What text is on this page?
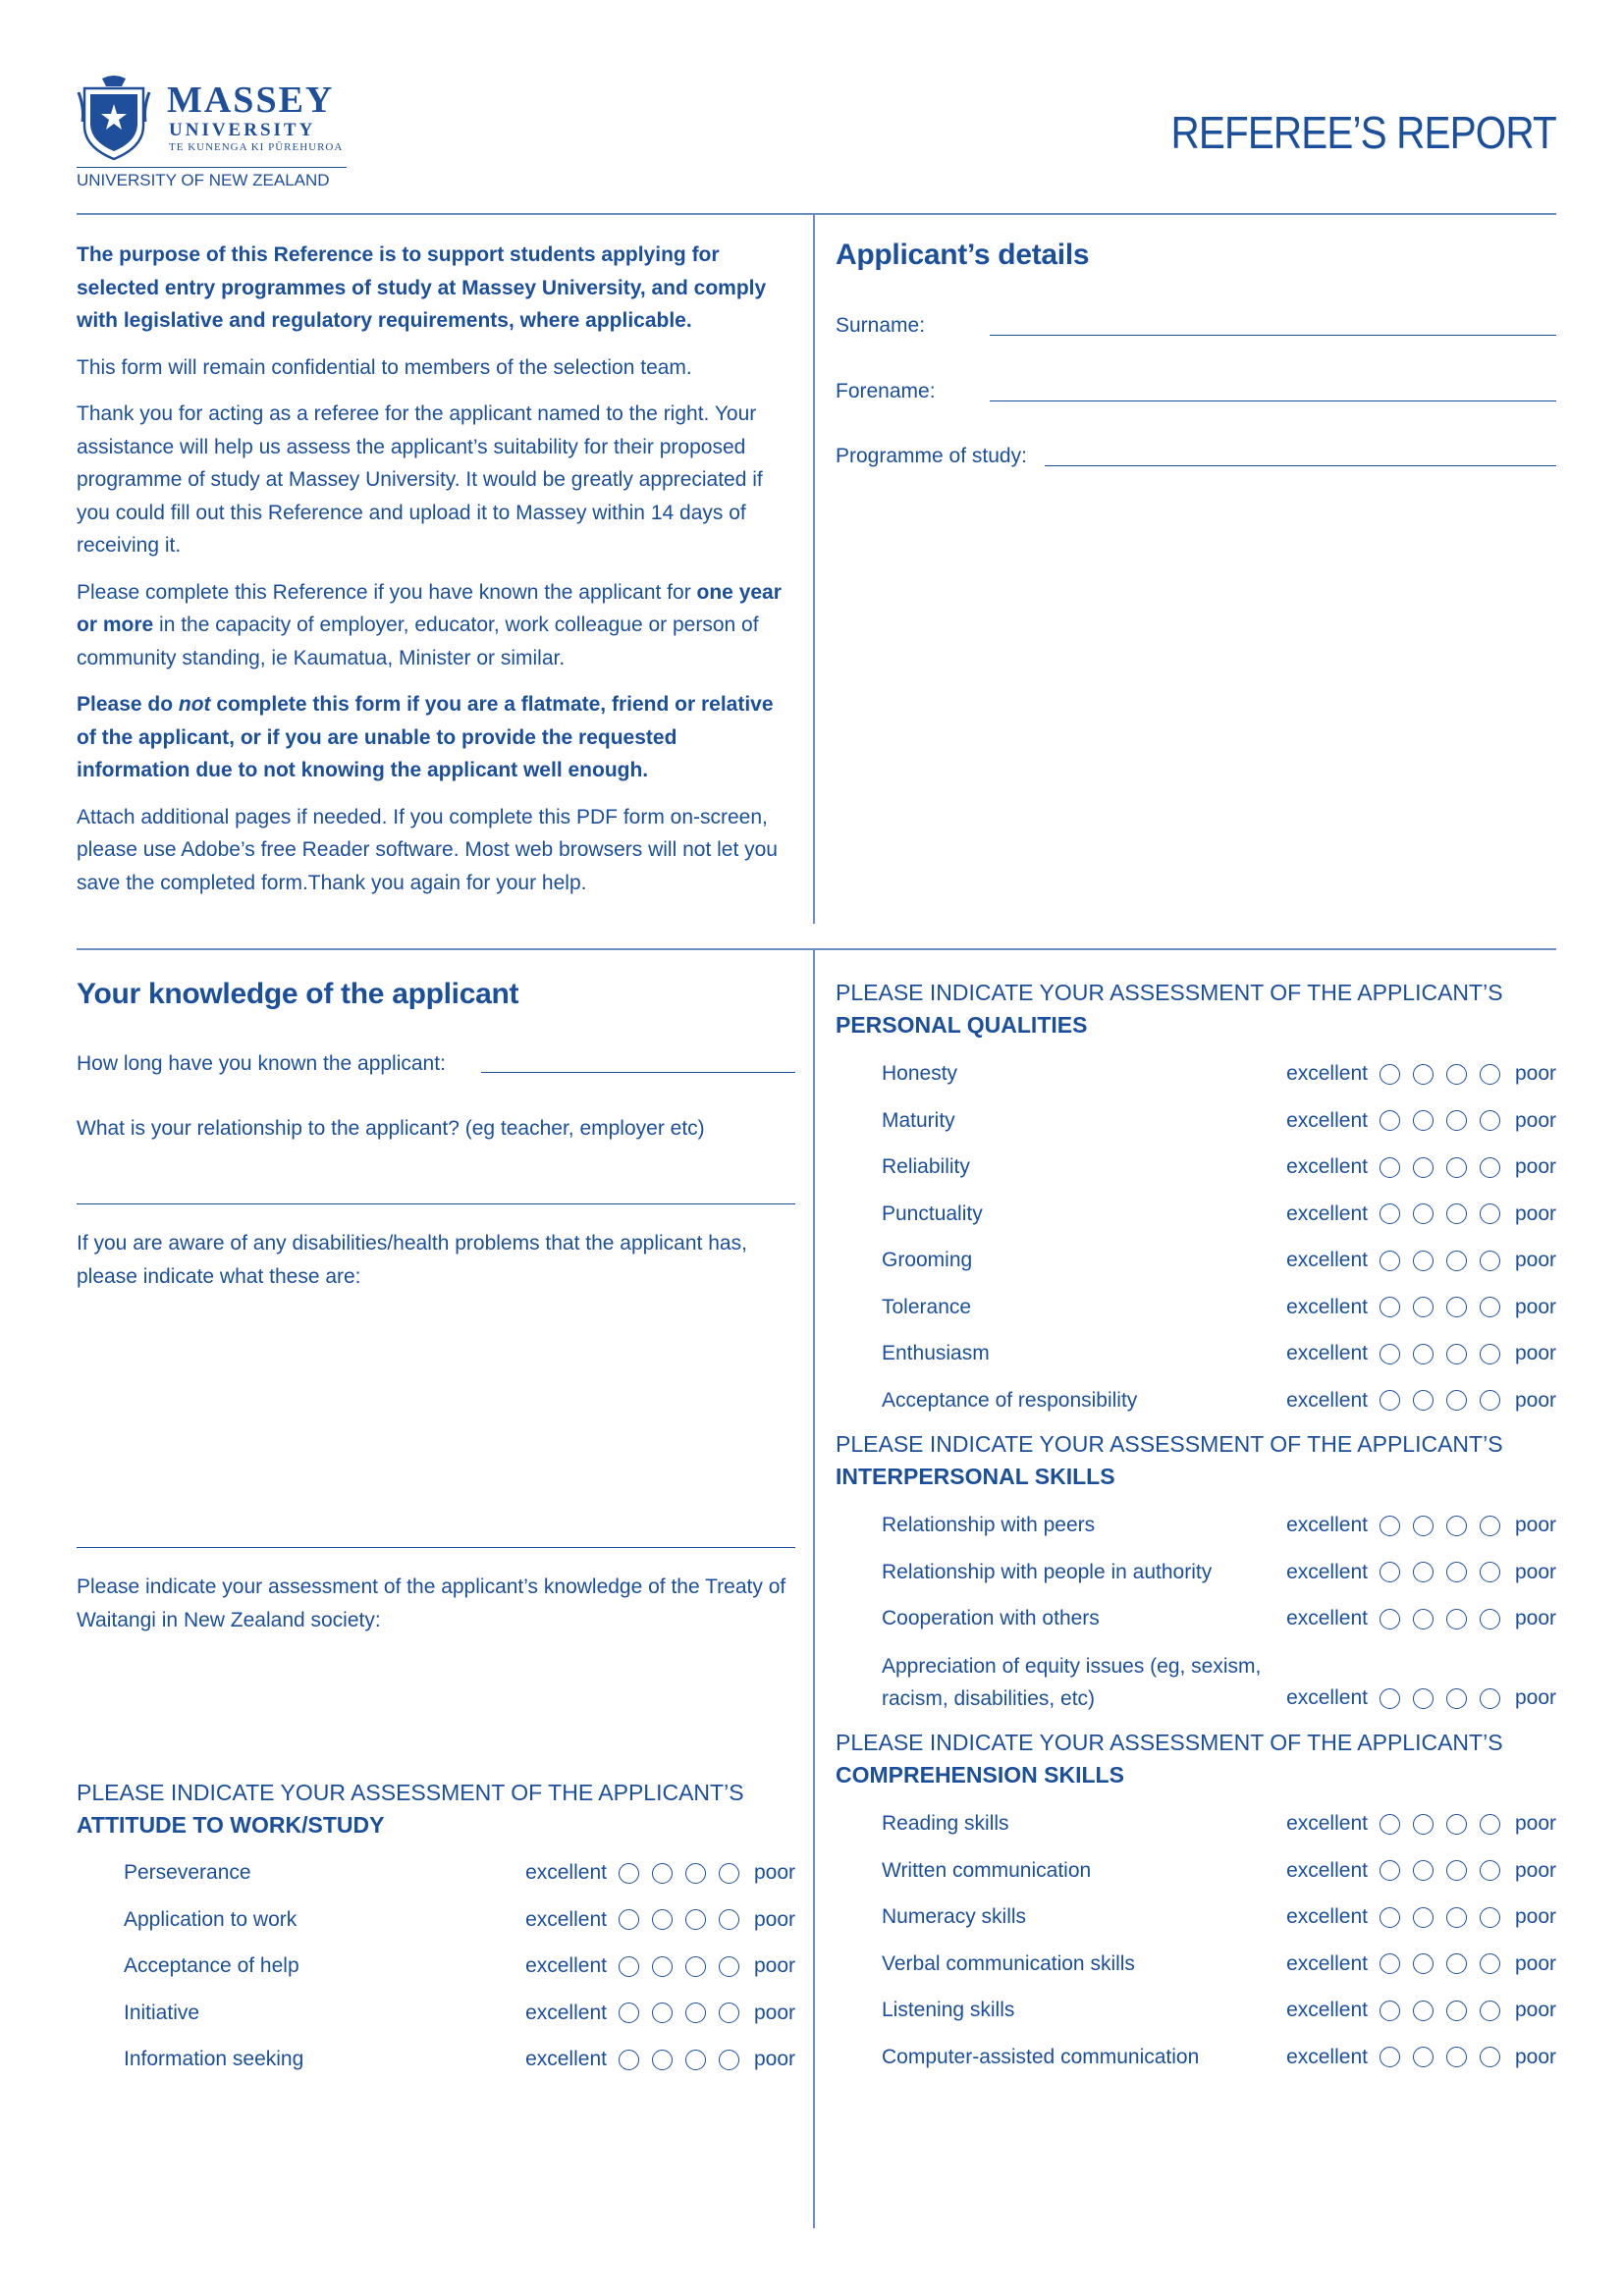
MASSEY
UNIVERSITY
TE KUNENGA KI PŪREHUROA
UNIVERSITY OF NEW ZEALAND
REFEREE’S REPORT

The purpose of this Reference is to support students applying for selected entry programmes of study at Massey University, and comply with legislative and regulatory requirements, where applicable.

This form will remain confidential to members of the selection team.

Thank you for acting as a referee for the applicant named to the right. Your assistance will help us assess the applicant’s suitability for their proposed programme of study at Massey University. It would be greatly appreciated if you could fill out this Reference and upload it to Massey within 14 days of receiving it.

Please complete this Reference if you have known the applicant for one year or more in the capacity of employer, educator, work colleague or person of community standing, ie Kaumatua, Minister or similar.

Please do not complete this form if you are a flatmate, friend or relative of the applicant, or if you are unable to provide the requested information due to not knowing the applicant well enough.

Attach additional pages if needed. If you complete this PDF form on-screen, please use Adobe’s free Reader software. Most web browsers will not let you save the completed form.Thank you again for your help.

Applicant’s details
Surname:
Forename:
Programme of study:
Your knowledge of the applicant
How long have you known the applicant:
What is your relationship to the applicant? (eg teacher, employer etc)
If you are aware of any disabilities/health problems that the applicant has, please indicate what these are:
Please indicate your assessment of the applicant’s knowledge of the Treaty of Waitangi in New Zealand society:
PLEASE INDICATE YOUR ASSESSMENT OF THE APPLICANT’S
ATTITUDE TO WORK/STUDY
Perseverance	excellent	poor
Application to work	excellent	poor
Acceptance of help	excellent	poor
Initiative	excellent	poor
Information seeking	excellent	poor
PLEASE INDICATE YOUR ASSESSMENT OF THE APPLICANT’S
PERSONAL QUALITIES
Honesty	excellent	poor
Maturity	excellent	poor
Reliability	excellent	poor
Punctuality	excellent	poor
Grooming	excellent	poor
Tolerance	excellent	poor
Enthusiasm	excellent	poor
Acceptance of responsibility	excellent	poor
PLEASE INDICATE YOUR ASSESSMENT OF THE APPLICANT’S
INTERPERSONAL SKILLS
Relationship with peers	excellent	poor
Relationship with people in authority	excellent	poor
Cooperation with others	excellent	poor
Appreciation of equity issues (eg, sexism,
racism, disabilities, etc)	excellent	poor
PLEASE INDICATE YOUR ASSESSMENT OF THE APPLICANT’S
COMPREHENSION SKILLS
Reading skills	excellent	poor
Written communication	excellent	poor
Numeracy skills	excellent	poor
Verbal communication skills	excellent	poor
Listening skills	excellent	poor
Computer-assisted communication	excellent	poor
